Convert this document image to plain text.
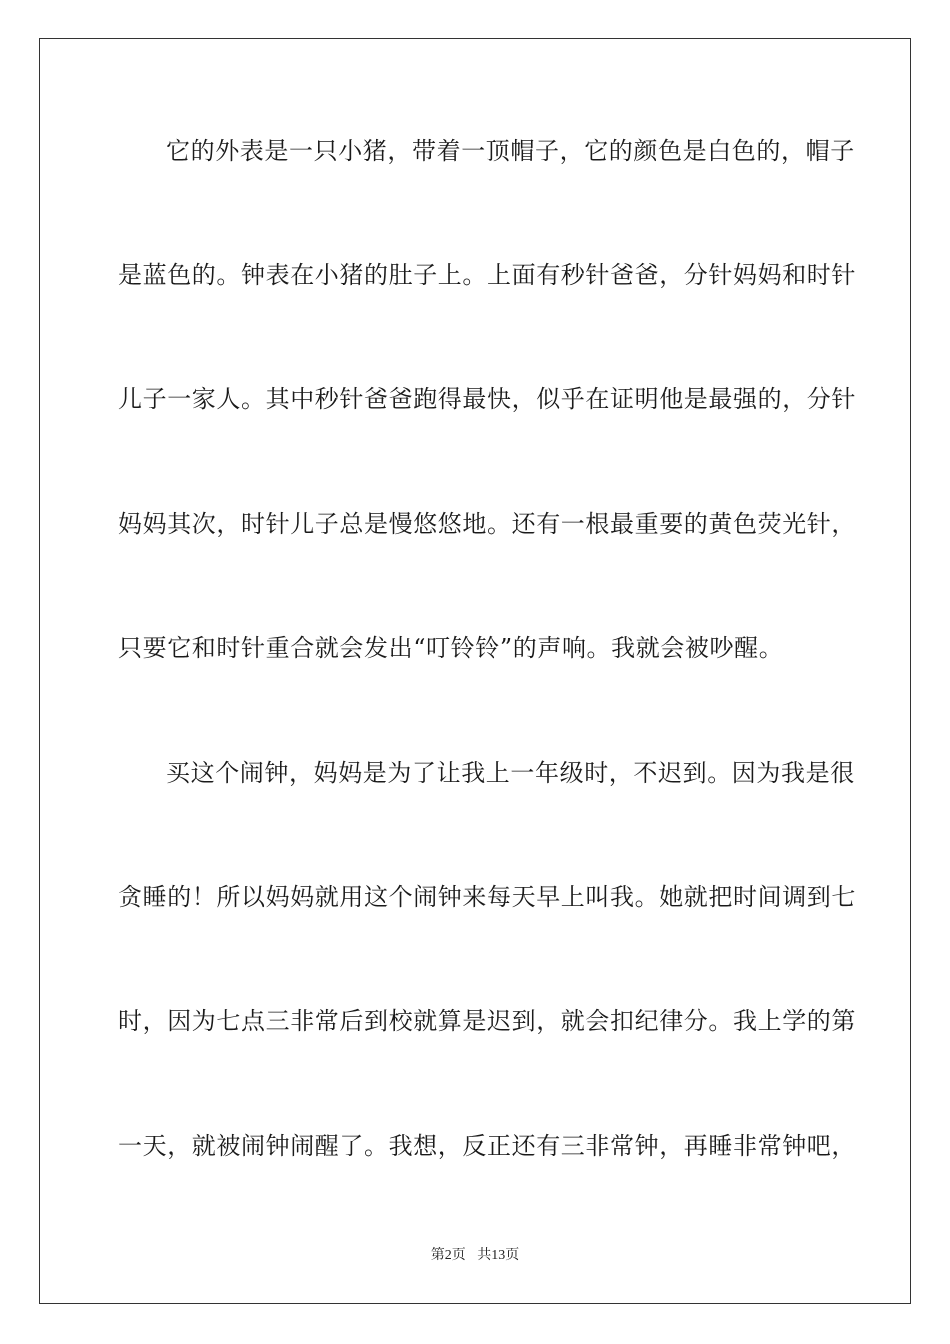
它的外表是一只小猪，带着一顶帽子，它的颜色是白色的，帽子
是蓝色的。钟表在小猪的肚子上。上面有秒针爸爸，分针妈妈和时针
儿子一家人。其中秒针爸爸跑得最快，似乎在证明他是最强的，分针
妈妈其次，时针儿子总是慢悠悠地。还有一根最重要的黄色荧光针，
只要它和时针重合就会发出“叮铃铃”的声响。我就会被吵醒。
买这个闹钟，妈妈是为了让我上一年级时，不迟到。因为我是很
贪睡的！所以妈妈就用这个闹钟来每天早上叫我。她就把时间调到七
时，因为七点三非常后到校就算是迟到，就会扣纪律分。我上学的第
一天，就被闹钟闹醒了。我想，反正还有三非常钟，再睡非常钟吧，
第2页 共13页
